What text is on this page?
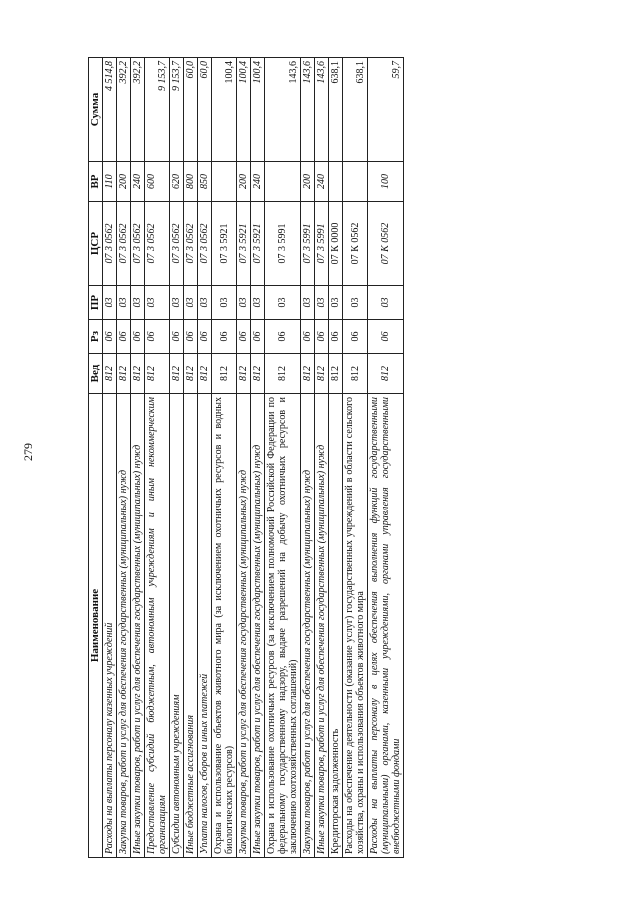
279
Наименование	Вед	Рз	ПР	ЦСР	ВР	Сумма
Расходы на выплаты персоналу казенных учреждений	812	06	03	07 3 0562	110	4 514,8
Закупка товаров, работ и услуг для обеспечения государственных (муниципальных) нужд	812	06	03	07 3 0562	200	392,2
Иные закупки товаров, работ и услуг для обеспечения государственных (муниципальных) нужд	812	06	03	07 3 0562	240	392,2
Предоставление субсидий бюджетным, автономным учреждениям и иным некоммерческим организациям	812	06	03	07 3 0562	600	9 153,7
Субсидии автономным учреждениям	812	06	03	07 3 0562	620	9 153,7
Иные бюджетные ассигнования	812	06	03	07 3 0562	800	60,0
Уплата налогов, сборов и иных платежей	812	06	03	07 3 0562	850	60,0
Охрана и использование объектов животного мира (за исключением охотничьих ресурсов и водных биологических ресурсов)	812	06	03	07 3 5921		100,4
Закупка товаров, работ и услуг для обеспечения государственных (муниципальных) нужд	812	06	03	07 3 5921	200	100,4
Иные закупки товаров, работ и услуг для обеспечения государственных (муниципальных) нужд	812	06	03	07 3 5921	240	100,4
Охрана и использование охотничьих ресурсов (за исключением полномочий Российской Федерации по федеральному государственному надзору, выдаче разрешений на добычу охотничьих ресурсов и заключению охотхозяйственных соглашений)	812	06	03	07 3 5991		143,6
Закупка товаров, работ и услуг для обеспечения государственных (муниципальных) нужд	812	06	03	07 3 5991	200	143,6
Иные закупки товаров, работ и услуг для обеспечения государственных (муниципальных) нужд	812	06	03	07 3 5991	240	143,6
Кредиторская задолженность	812	06	03	07 К 0000		638,1
Расходы на обеспечение деятельности (оказание услуг) государственных учреждений в области сельского хозяйства, охраны и использования объектов животного мира	812	06	03	07 К 0562		638,1
Расходы на выплаты персоналу в целях обеспечения выполнения функций государственными (муниципальными) органами, казенными учреждениями, органами управления государственными внебюджетными фондами	812	06	03	07 К 0562	100	59,7
